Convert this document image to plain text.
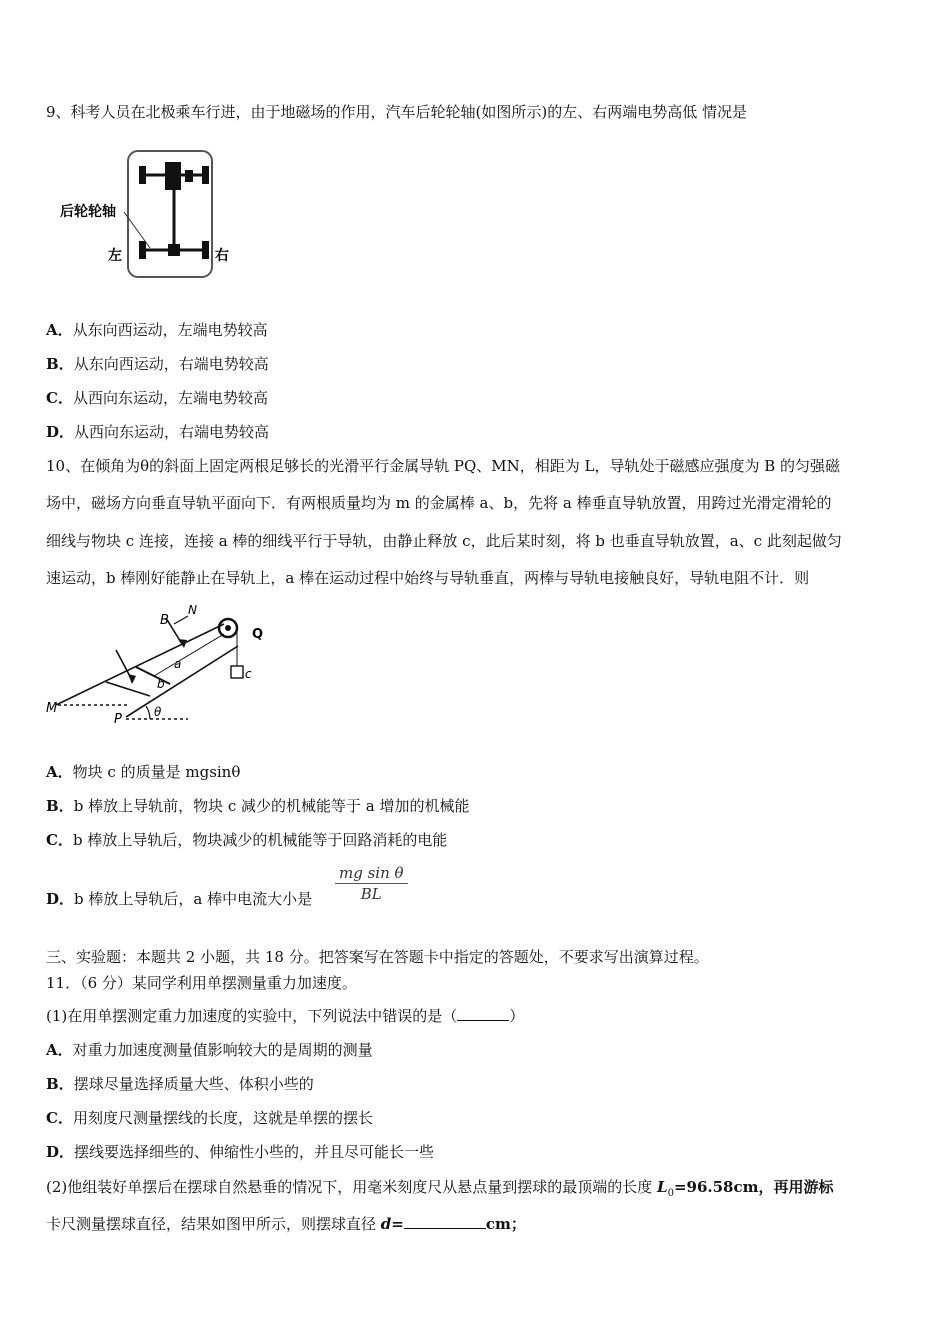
9、科考人员在北极乘车行进，由于地磁场的作用，汽车后轮轮轴(如图所示)的左、右两端电势高低 情况是
后轮轮轴
左	右
A．从东向西运动，左端电势较高
B．从东向西运动，右端电势较高
C．从西向东运动，左端电势较高
D．从西向东运动，右端电势较高
10、在倾角为θ的斜面上固定两根足够长的光滑平行金属导轨 PQ、MN，相距为 L，导轨处于磁感应强度为 B 的匀强磁
场中，磁场方向垂直导轨平面向下．有两根质量均为 m 的金属棒 a、b，先将 a 棒垂直导轨放置，用跨过光滑定滑轮的
细线与物块 c 连接，连接 a 棒的细线平行于导轨，由静止释放 c，此后某时刻，将 b 也垂直导轨放置，a、c 此刻起做匀
速运动，b 棒刚好能静止在导轨上，a 棒在运动过程中始终与导轨垂直，两棒与导轨电接触良好，导轨电阻不计．则
B
N
Q
a
b
c
M
P	θ
A．物块 c 的质量是 mgsinθ
B．b 棒放上导轨前，物块 c 减少的机械能等于 a 增加的机械能
C．b 棒放上导轨后，物块减少的机械能等于回路消耗的电能
D．b 棒放上导轨后，a 棒中电流大小是
mg sin θ
BL
三、实验题：本题共 2 小题，共 18 分。把答案写在答题卡中指定的答题处，不要求写出演算过程。
11．（6 分）某同学利用单摆测量重力加速度。
(1)在用单摆测定重力加速度的实验中，下列说法中错误的是（	）
A．对重力加速度测量值影响较大的是周期的测量
B．摆球尽量选择质量大些、体积小些的
C．用刻度尺测量摆线的长度，这就是单摆的摆长
D．摆线要选择细些的、伸缩性小些的，并且尽可能长一些
(2)他组装好单摆后在摆球自然悬垂的情况下，用毫米刻度尺从悬点量到摆球的最顶端的长度 $L_0=96.58cm$，再用游标
卡尺测量摆球直径，结果如图甲所示，则摆球直径 d=	cm；
